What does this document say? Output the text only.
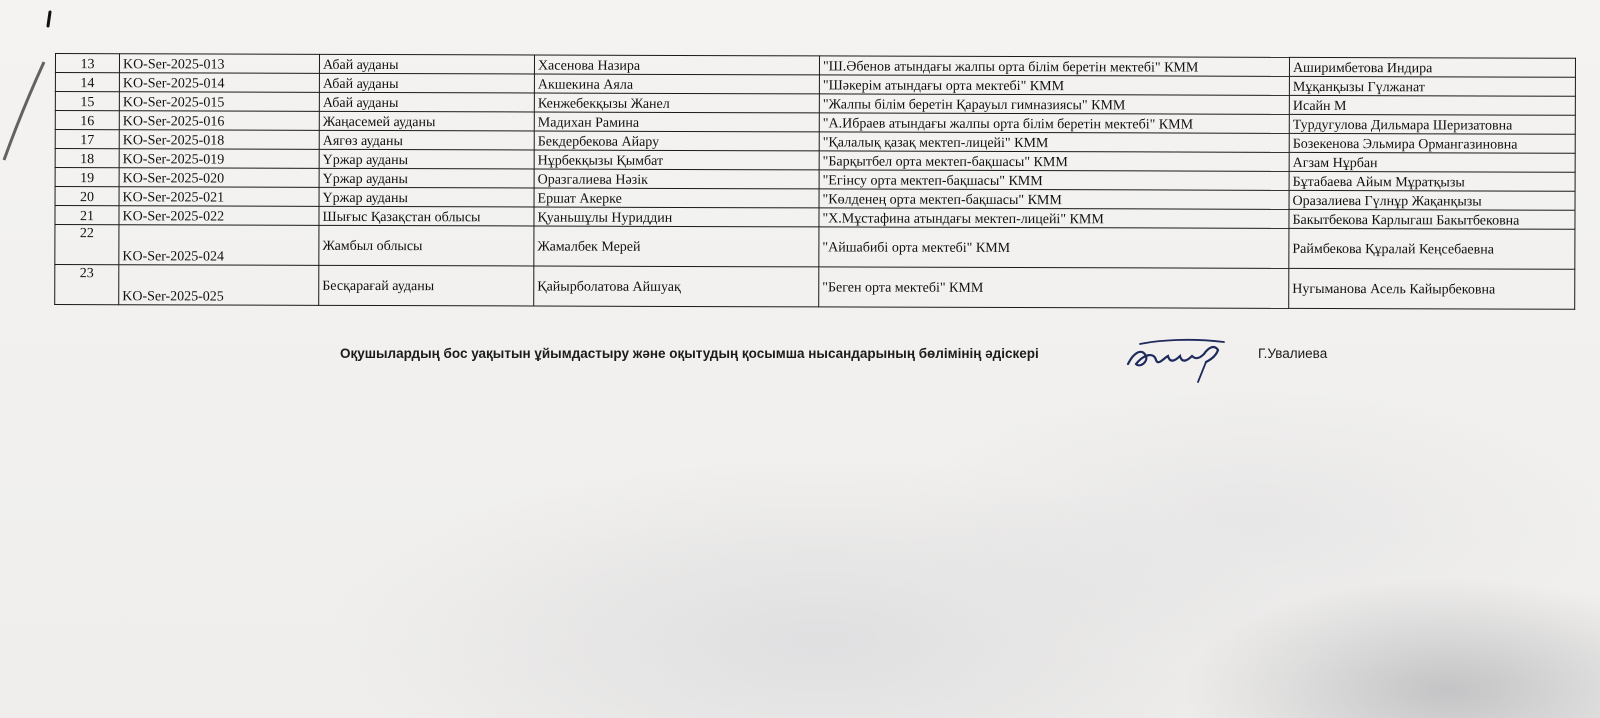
13	KO-Ser-2025-013	Абай ауданы	Хасенова Назира	"Ш.Әбенов атындағы жалпы орта білім беретін мектебі" КММ	Аширимбетова Индира
14	KO-Ser-2025-014	Абай ауданы	Акшекина Аяла	"Шәкерім атындағы орта мектебі" КММ	Мұқанқызы Гүлжанат
15	KO-Ser-2025-015	Абай ауданы	Кенжебекқызы Жанел	"Жалпы білім беретін Қарауыл гимназиясы" КММ	Исайн М
16	KO-Ser-2025-016	Жаңасемей ауданы	Мадихан Рамина	"А.Ибраев атындағы жалпы орта білім беретін мектебі" КММ	Турдугулова Дильмара Шеризатовна
17	KO-Ser-2025-018	Аягөз ауданы	Бекдербекова Айару	"Қалалық қазақ мектеп-лицейі" КММ	Бозекенова Эльмира Ормангазиновна
18	KO-Ser-2025-019	Үржар ауданы	Нұрбекқызы Қымбат	"Барқытбел орта мектеп-бақшасы" КММ	Агзам Нұрбан
19	KO-Ser-2025-020	Үржар ауданы	Оразгалиева Нәзік	"Егінсу орта мектеп-бақшасы" КММ	Бұтабаева Айым Мұратқызы
20	KO-Ser-2025-021	Үржар ауданы	Ершат Акерке	"Көлденең орта мектеп-бақшасы" КММ	Оразалиева Гүлнұр Жақанқызы
21	KO-Ser-2025-022	Шығыс Қазақстан облысы	Қуаньшұлы Нуриддин	"Х.Мұстафина атындағы мектеп-лицейі" КММ	Бакытбекова Карлыгаш Бакытбековна
22	KO-Ser-2025-024	Жамбыл облысы	Жамалбек Мерей	"Айшабибі орта мектебі" КММ	Раймбекова Құралай Кеңсебаевна
23	KO-Ser-2025-025	Бесқарағай ауданы	Қайырболатова Айшуақ	"Беген орта мектебі" КММ	Нугыманова Асель Кайырбековна
Оқушылардың бос уақытын ұйымдастыру және оқытудың қосымша нысандарының бөлімінің әдіскері	Г.Увалиева
